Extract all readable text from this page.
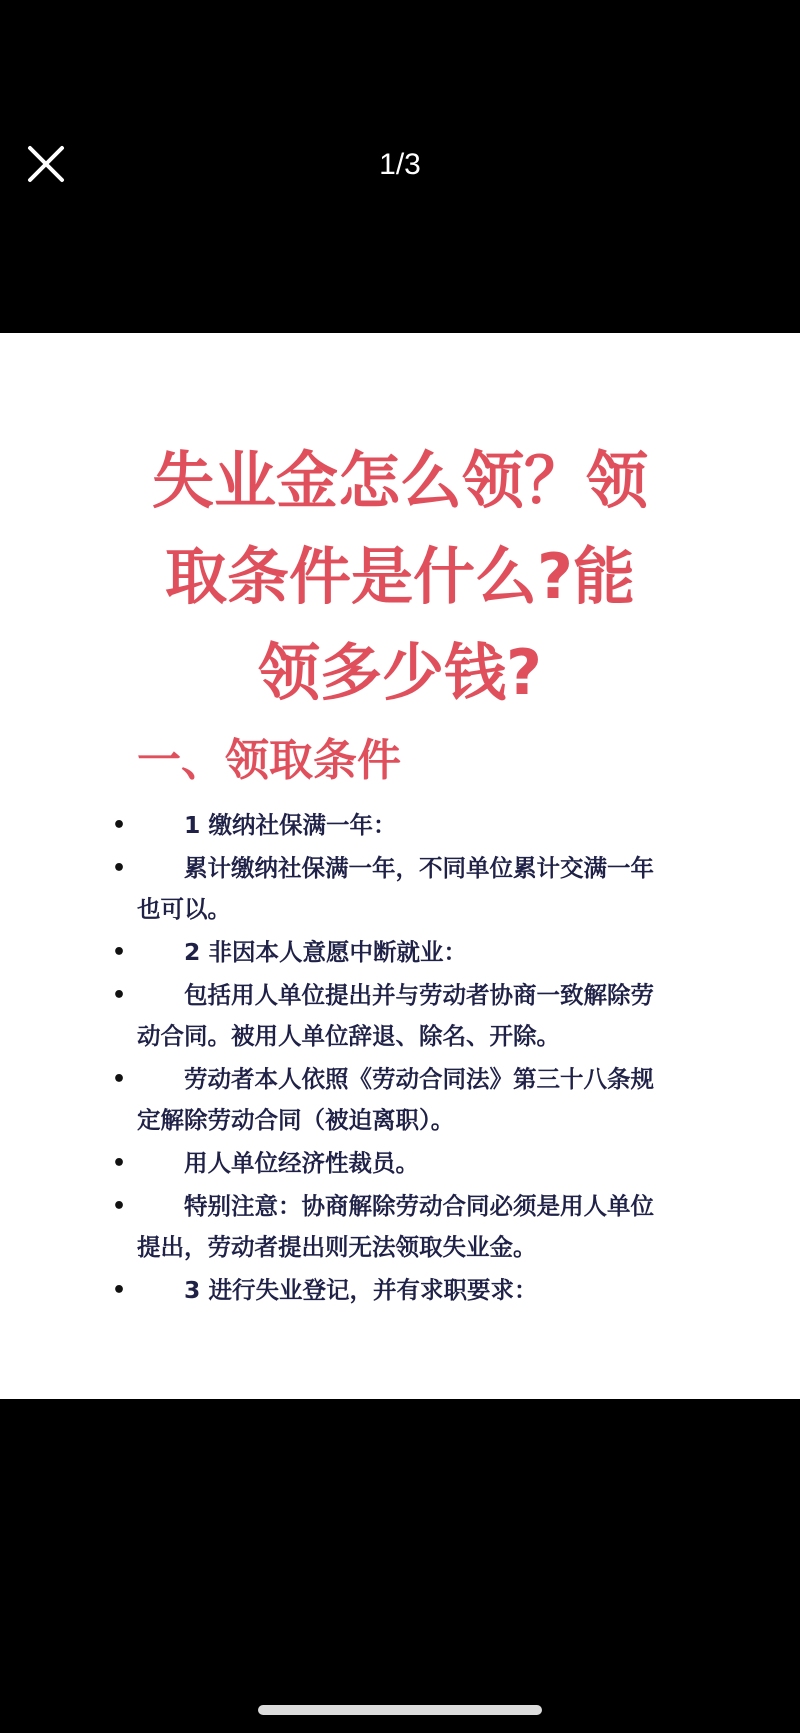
1/3
失业金怎么领？领
取条件是什么?能
领多少钱?
一、领取条件
•	1 缴纳社保满一年：
•	累计缴纳社保满一年，不同单位累计交满一年也可以。
•	2 非因本人意愿中断就业：
•	包括用人单位提出并与劳动者协商一致解除劳动合同。被用人单位辞退、除名、开除。
•	劳动者本人依照《劳动合同法》第三十八条规定解除劳动合同（被迫离职）。
•	用人单位经济性裁员。
•	特别注意：协商解除劳动合同必须是用人单位提出，劳动者提出则无法领取失业金。
•	3 进行失业登记，并有求职要求：
